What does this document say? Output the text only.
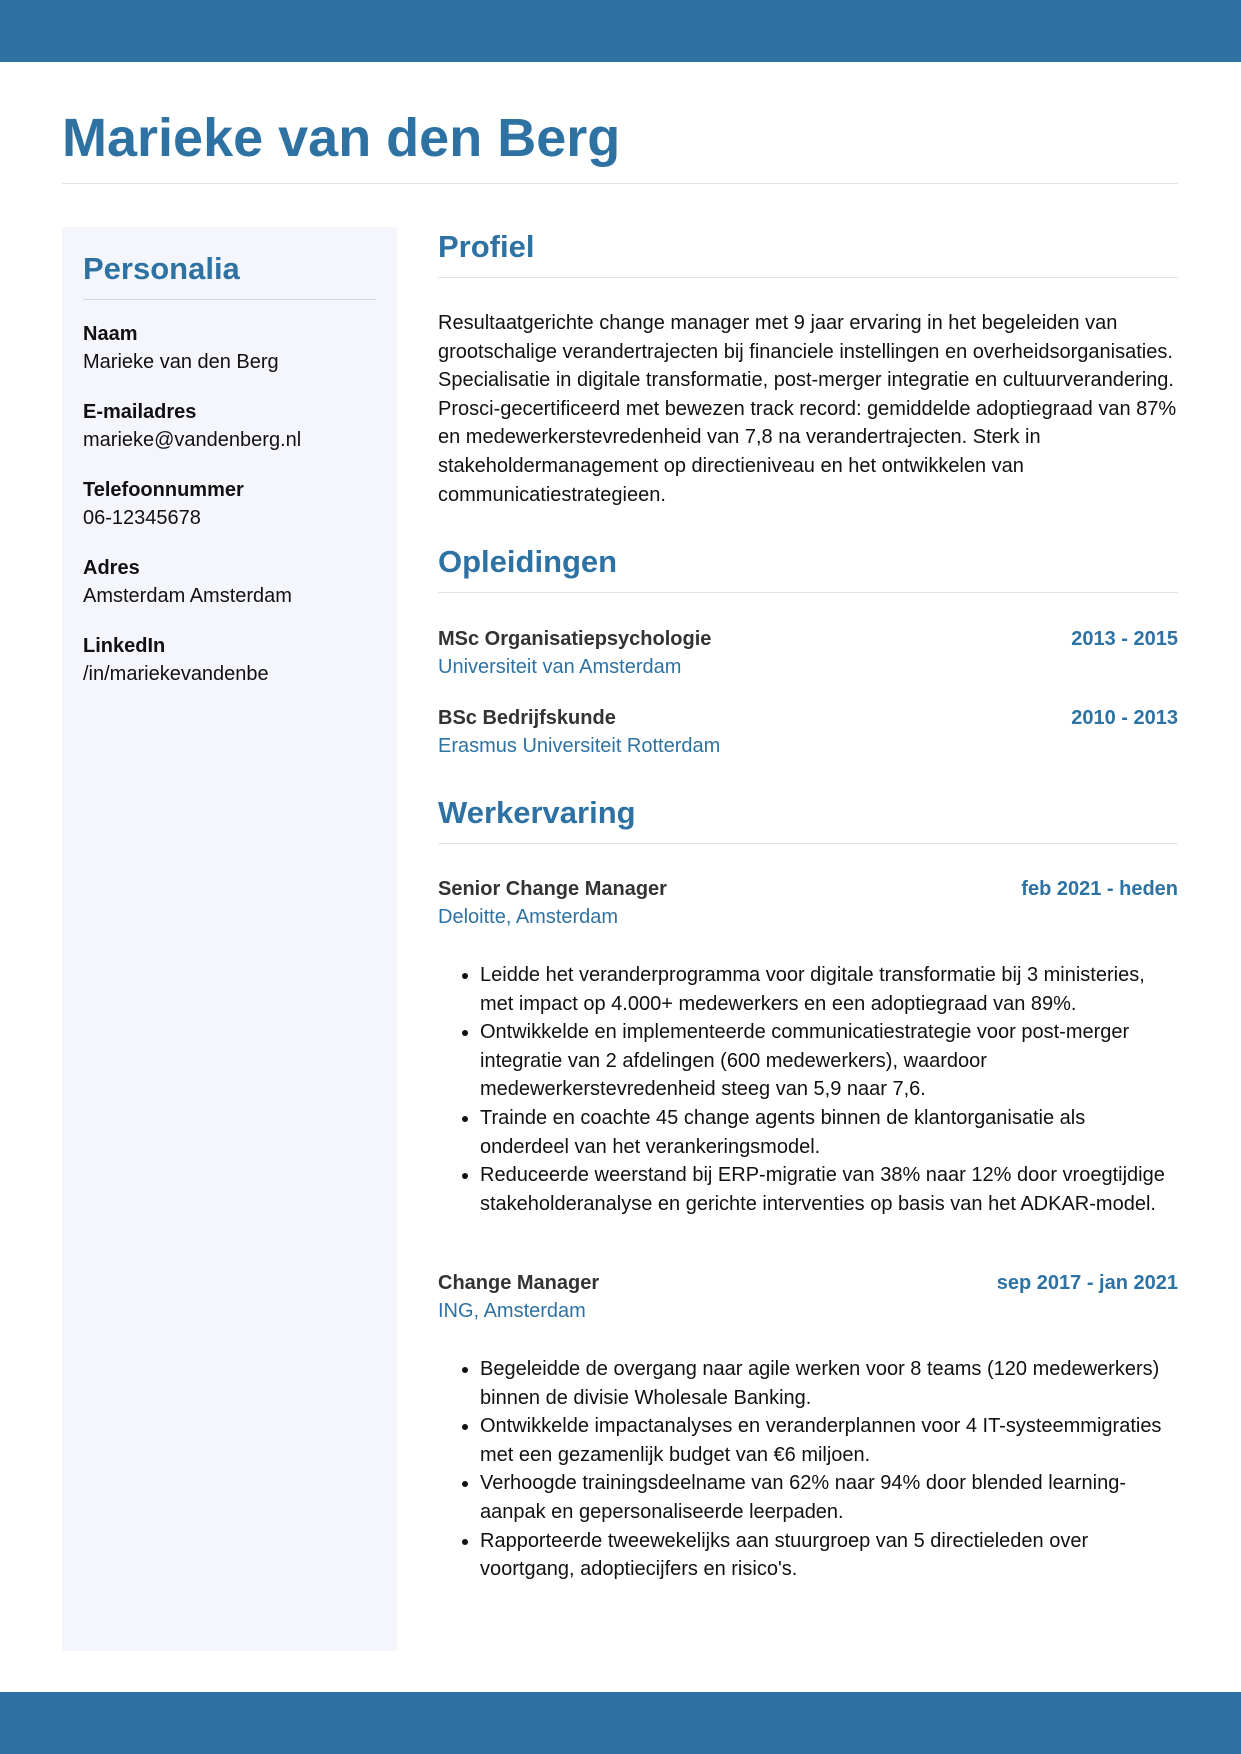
Marieke van den Berg
Personalia
Naam
Marieke van den Berg
E-mailadres
marieke@vandenberg.nl
Telefoonnummer
06-12345678
Adres
Amsterdam Amsterdam
LinkedIn
/in/mariekevandenbe
Profiel

Resultaatgerichte change manager met 9 jaar ervaring in het begeleiden van grootschalige verandertrajecten bij financiele instellingen en overheidsorganisaties. Specialisatie in digitale transformatie, post-merger integratie en cultuurverandering. Prosci-gecertificeerd met bewezen track record: gemiddelde adoptiegraad van 87% en medewerkerstevredenheid van 7,8 na verandertrajecten. Sterk in stakeholdermanagement op directieniveau en het ontwikkelen van communicatiestrategieen.

Opleidingen
MSc Organisatiepsychologie	2013 - 2015
Universiteit van Amsterdam
BSc Bedrijfskunde	2010 - 2013
Erasmus Universiteit Rotterdam
Werkervaring
Senior Change Manager	feb 2021 - heden
Deloitte, Amsterdam
• Leidde het veranderprogramma voor digitale transformatie bij 3 ministeries, met impact op 4.000+ medewerkers en een adoptiegraad van 89%.
• Ontwikkelde en implementeerde communicatiestrategie voor post-merger integratie van 2 afdelingen (600 medewerkers), waardoor medewerkerstevredenheid steeg van 5,9 naar 7,6.
• Trainde en coachte 45 change agents binnen de klantorganisatie als onderdeel van het verankeringsmodel.
• Reduceerde weerstand bij ERP-migratie van 38% naar 12% door vroegtijdige stakeholderanalyse en gerichte interventies op basis van het ADKAR-model.
Change Manager	sep 2017 - jan 2021
ING, Amsterdam
• Begeleidde de overgang naar agile werken voor 8 teams (120 medewerkers) binnen de divisie Wholesale Banking.
• Ontwikkelde impactanalyses en veranderplannen voor 4 IT-systeemmigraties met een gezamenlijk budget van €6 miljoen.
• Verhoogde trainingsdeelname van 62% naar 94% door blended learning-aanpak en gepersonaliseerde leerpaden.
• Rapporteerde tweewekelijks aan stuurgroep van 5 directieleden over voortgang, adoptiecijfers en risico's.
